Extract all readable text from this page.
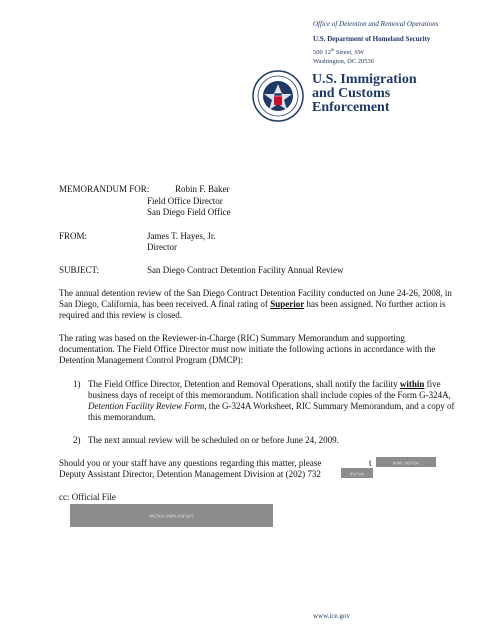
Office of Detention and Removal Operations
U.S. Department of Homeland Security
500 12th Street, SW
Washington, DC 20536
U.S. Immigration
and Customs
Enforcement
MEMORANDUM FOR:	Robin F. Baker
Field Office Director
San Diego Field Office
FROM:	James T. Hayes, Jr.
Director
SUBJECT:	San Diego Contract Detention Facility Annual Review
The annual detention review of the San Diego Contract Detention Facility conducted on June 24-26, 2008, in San Diego, California, has been received. A final rating of Superior has been assigned. No further action is required and this review is closed.
The rating was based on the Reviewer-in-Charge (RIC) Summary Memorandum and supporting documentation. The Field Office Director must now initiate the following actions in accordance with the Detention Management Control Program (DMCP):
1) The Field Office Director, Detention and Removal Operations, shall notify the facility within five business days of receipt of this memorandum. Notification shall include copies of the Form G-324A, Detention Facility Review Form, the G-324A Worksheet, RIC Summary Memorandum, and a copy of this memorandum.
2) The next annual review will be scheduled on or before June 24, 2009.
Should you or your staff have any questions regarding this matter, please	t	(b)(6), (b)(7)(c)
Deputy Assistant Director, Detention Management Division at (202) 732	(b)(7)(c)
cc: Official File
(b)(7)(c), (b)(6), (b)(7)(C)
www.ice.gov
